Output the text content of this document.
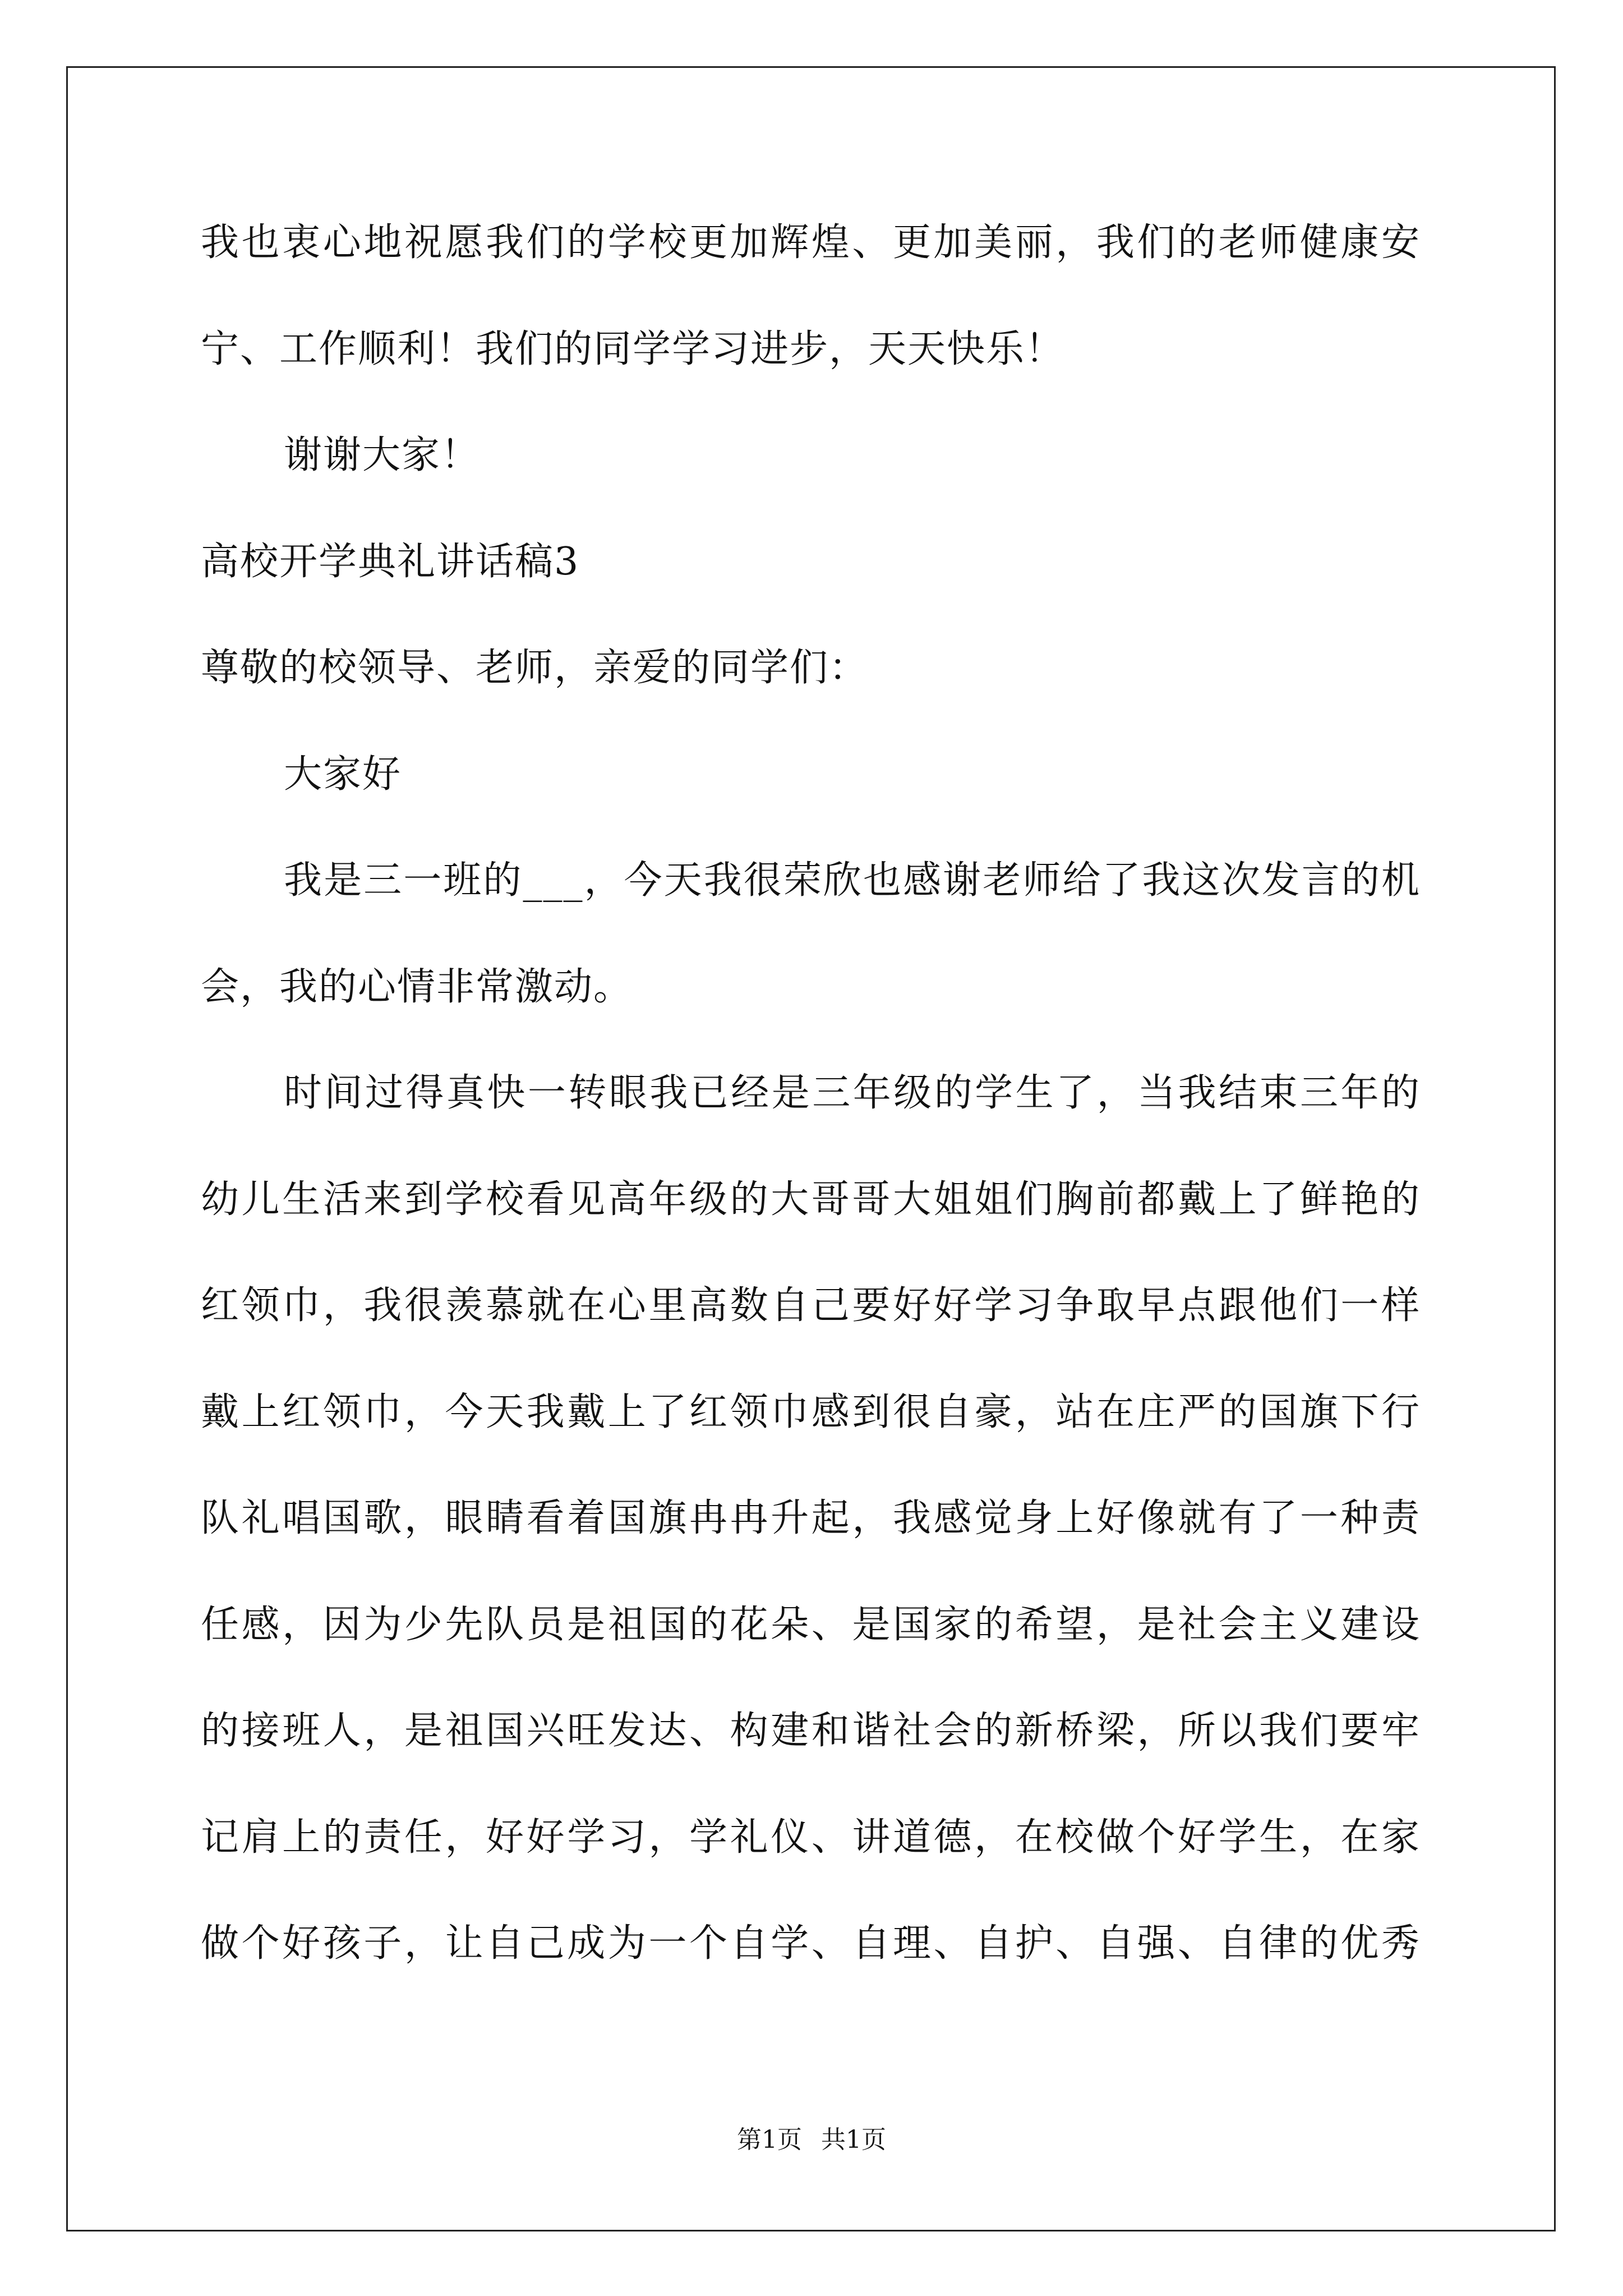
我也衷心地祝愿我们的学校更加辉煌、更加美丽，我们的老师健康安
宁、工作顺利！我们的同学学习进步，天天快乐！
谢谢大家！
高校开学典礼讲话稿3
尊敬的校领导、老师，亲爱的同学们：
大家好
我是三一班的___，今天我很荣欣也感谢老师给了我这次发言的机
会，我的心情非常激动。
时间过得真快一转眼我已经是三年级的学生了，当我结束三年的
幼儿生活来到学校看见高年级的大哥哥大姐姐们胸前都戴上了鲜艳的
红领巾，我很羡慕就在心里高数自己要好好学习争取早点跟他们一样
戴上红领巾，今天我戴上了红领巾感到很自豪，站在庄严的国旗下行
队礼唱国歌，眼睛看着国旗冉冉升起，我感觉身上好像就有了一种责
任感，因为少先队员是祖国的花朵、是国家的希望，是社会主义建设
的接班人，是祖国兴旺发达、构建和谐社会的新桥梁，所以我们要牢
记肩上的责任，好好学习，学礼仪、讲道德，在校做个好学生，在家
做个好孩子，让自己成为一个自学、自理、自护、自强、自律的优秀
第1页 共1页
